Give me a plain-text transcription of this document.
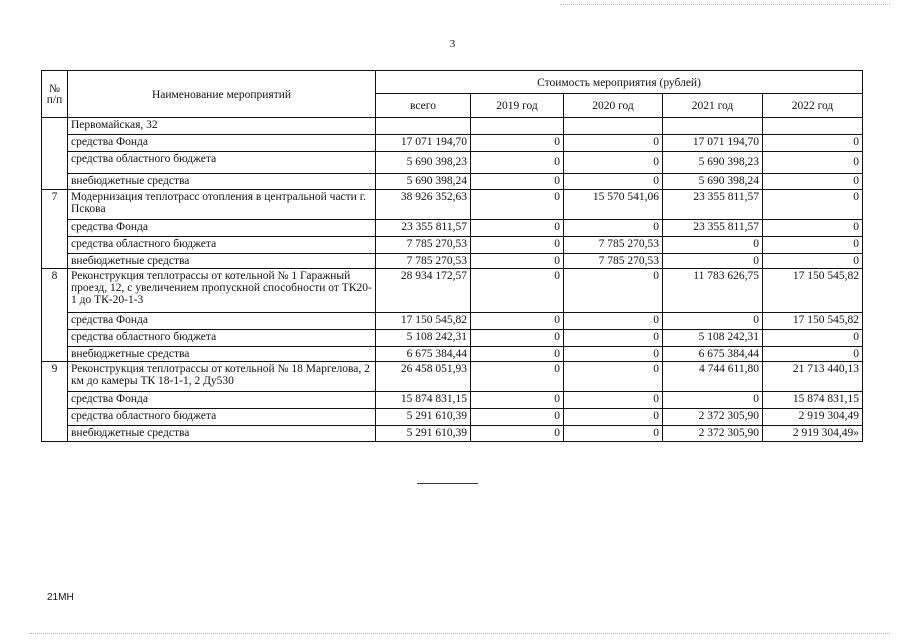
3
№
п/п	Наименование мероприятий	Стоимость мероприятия (рублей)				
		всего	2019 год	2020 год	2021 год	2022 год
	Первомайская, 32					
	средства Фонда	17 071 194,70	0	0	17 071 194,70	0
	средства областного бюджета	5 690 398,23	0	0	5 690 398,23	0
	внебюджетные средства	5 690 398,24	0	0	5 690 398,24	0
7	Модернизация теплотрасс отопления в центральной части г. Пскова	38 926 352,63	0	15 570 541,06	23 355 811,57	0
	средства Фонда	23 355 811,57	0	0	23 355 811,57	0
	средства областного бюджета	7 785 270,53	0	7 785 270,53	0	0
	внебюджетные средства	7 785 270,53	0	7 785 270,53	0	0
8	Реконструкция теплотрассы от котельной № 1 Гаражный проезд, 12, с увеличением пропускной способности от ТК20-1 до ТК-20-1-3	28 934 172,57	0	0	11 783 626,75	17 150 545,82
	средства Фонда	17 150 545,82	0	0	0	17 150 545,82
	средства областного бюджета	5 108 242,31	0	0	5 108 242,31	0
	внебюджетные средства	6 675 384,44	0	0	6 675 384,44	0
9	Реконструкция теплотрассы от котельной № 18 Маргелова, 2 км до камеры ТК 18-1-1, 2 Ду530	26 458 051,93	0	0	4 744 611,80	21 713 440,13
	средства Фонда	15 874 831,15	0	0	0	15 874 831,15
	средства областного бюджета	5 291 610,39	0	0	2 372 305,90	2 919 304,49
	внебюджетные средства	5 291 610,39	0	0	2 372 305,90	2 919 304,49»
21МН
